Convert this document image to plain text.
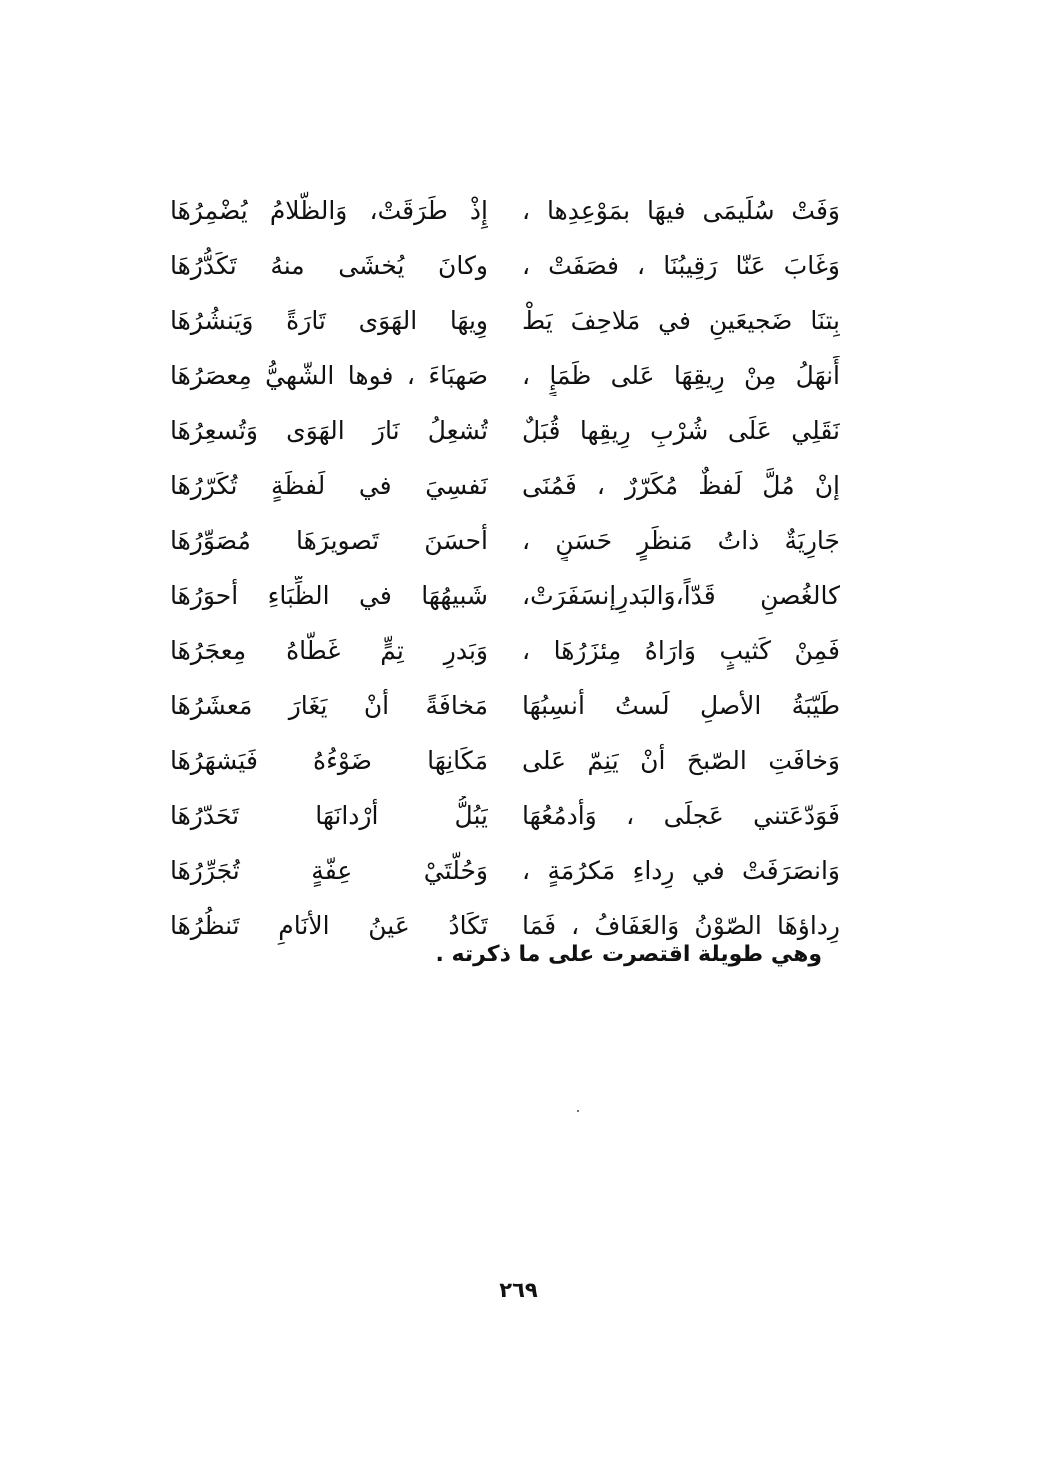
وَفَتْ سُلَيمَى فيهَا بمَوْعِدِها ،
إِذْ طَرَقَتْ، وَالظّلامُ يُضْمِرُهَا
وَغَابَ عَنّا رَقِيبُنَا ، فصَفَتْ ،
وكانَ يُخشَى منهُ تَكَدُّرُهَا
بِتنَا ضَجيعَينِ في مَلاحِفَ يَطْ
وِيهَا الهَوَى تَارَةً وَيَنشُرُهَا
أَنهَلُ مِنْ رِيقِهَا عَلى ظَمَإٍ ،
صَهبَاءَ ، فوها الشّهيُّ مِعصَرُهَا
نَقَلِي عَلَى شُرْبِ رِيقِها قُبَلٌ
تُشعِلُ نَارَ الهَوَى وَتُسعِرُهَا
إنْ مُلَّ لَفظٌ مُكَرّرٌ ، فَمُنَى
نَفسِيَ في لَفظَةٍ تُكَرّرُهَا
جَارِيَةٌ ذاتُ مَنظَرٍ حَسَنٍ ،
أحسَنَ تَصويرَهَا مُصَوِّرُهَا
كالغُصنِ قَدّاً،وَالبَدرِإنسَفَرَتْ،
شَبيهُهَا في الظِّبَاءِ أحوَرُهَا
فَمِنْ كَثيبٍ وَارَاهُ مِئزَرُهَا ،
وَبَدرِ تِمٍّ غَطّاهُ مِعجَرُهَا
طَيّبَةُ الأصلِ لَستُ أنسِبُهَا
مَخافَةً أنْ يَغَارَ مَعشَرُهَا
وَخافَتِ الصّبحَ أنْ يَنِمّ عَلى
مَكَانِهَا ضَوْءُهُ فَيَشهَرُهَا
فَوَدّعَتني عَجلَى ، وَأدمُعُهَا
يَبُلُّ أرْدانَهَا تَحَدّرُهَا
وَانصَرَفَتْ في رِداءِ مَكرُمَةٍ ،
وَحُلّتَيْ عِفّةٍ تُجَرِّرُهَا
رِداؤهَا الصّوْنُ وَالعَفَافُ ، فَمَا
تَكَادُ عَينُ الأنَامِ تَنظُرُهَا
وهي طويلة اقتصرت على ما ذكرته .
٢٦٩
